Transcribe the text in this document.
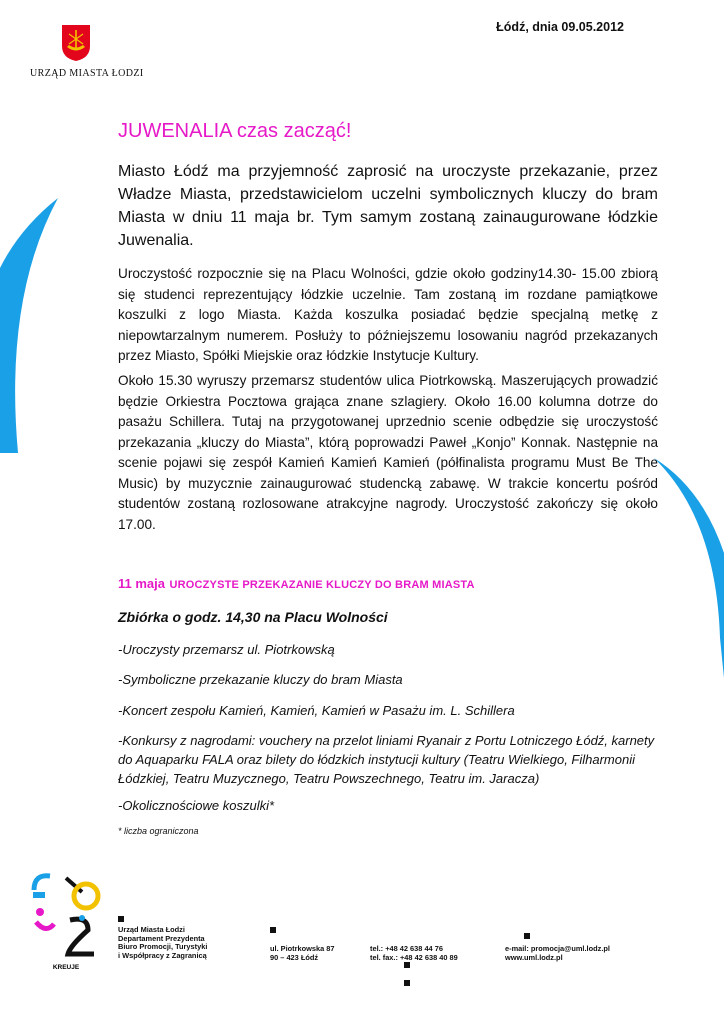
Łódź, dnia 09.05.2012
URZĄD MIASTA ŁODZI
JUWENALIA czas zacząć!

Miasto Łódź ma przyjemność zaprosić na uroczyste przekazanie, przez Władze Miasta, przedstawicielom uczelni symbolicznych kluczy do bram Miasta w dniu 11 maja br. Tym samym zostaną zainaugurowane łódzkie Juwenalia.

Uroczystość rozpocznie się na Placu Wolności, gdzie około godziny14.30- 15.00 zbiorą się studenci reprezentujący łódzkie uczelnie. Tam zostaną im rozdane pamiątkowe koszulki z logo Miasta. Każda koszulka posiadać będzie specjalną metkę z niepowtarzalnym numerem. Posłuży to późniejszemu losowaniu nagród przekazanych przez Miasto, Spółki Miejskie oraz łódzkie Instytucje Kultury.

Około 15.30 wyruszy przemarsz studentów ulica Piotrkowską. Maszerujących prowadzić będzie Orkiestra Pocztowa grająca znane szlagiery. Około 16.00 kolumna dotrze do pasażu Schillera. Tutaj na przygotowanej uprzednio scenie odbędzie się uroczystość przekazania „kluczy do Miasta”, którą poprowadzi Paweł „Konjo” Konnak. Następnie na scenie pojawi się zespół Kamień Kamień Kamień (półfinalista programu Must Be The Music) by muzycznie zainaugurować studencką zabawę. W trakcie koncertu pośród studentów zostaną rozlosowane atrakcyjne nagrody. Uroczystość zakończy się około 17.00.

11 maja UROCZYSTE PRZEKAZANIE KLUCZY DO BRAM MIASTA

Zbiórka o godz. 14,30 na Placu Wolności

-Uroczysty przemarsz ul. Piotrkowską

-Symboliczne przekazanie kluczy do bram Miasta

-Koncert zespołu Kamień, Kamień, Kamień w Pasażu im. L. Schillera

-Konkursy z nagrodami: vouchery na przelot liniami Ryanair z Portu Lotniczego Łódź, karnety do Aquaparku FALA oraz bilety do łódzkich instytucji kultury (Teatru Wielkiego, Filharmonii Łódzkiej, Teatru Muzycznego, Teatru Powszechnego, Teatru im. Jaracza)

-Okolicznościowe koszulki*

* liczba ograniczona

KREUJE
Urząd Miasta Łodzi
Departament Prezydenta
Biuro Promocji, Turystyki
i Współpracy z Zagranicą
ul. Piotrkowska 87
90 – 423 Łódź
tel.: +48 42 638 44 76
tel. fax.: +48 42 638 40 89
e-mail: promocja@uml.lodz.pl
www.uml.lodz.pl
